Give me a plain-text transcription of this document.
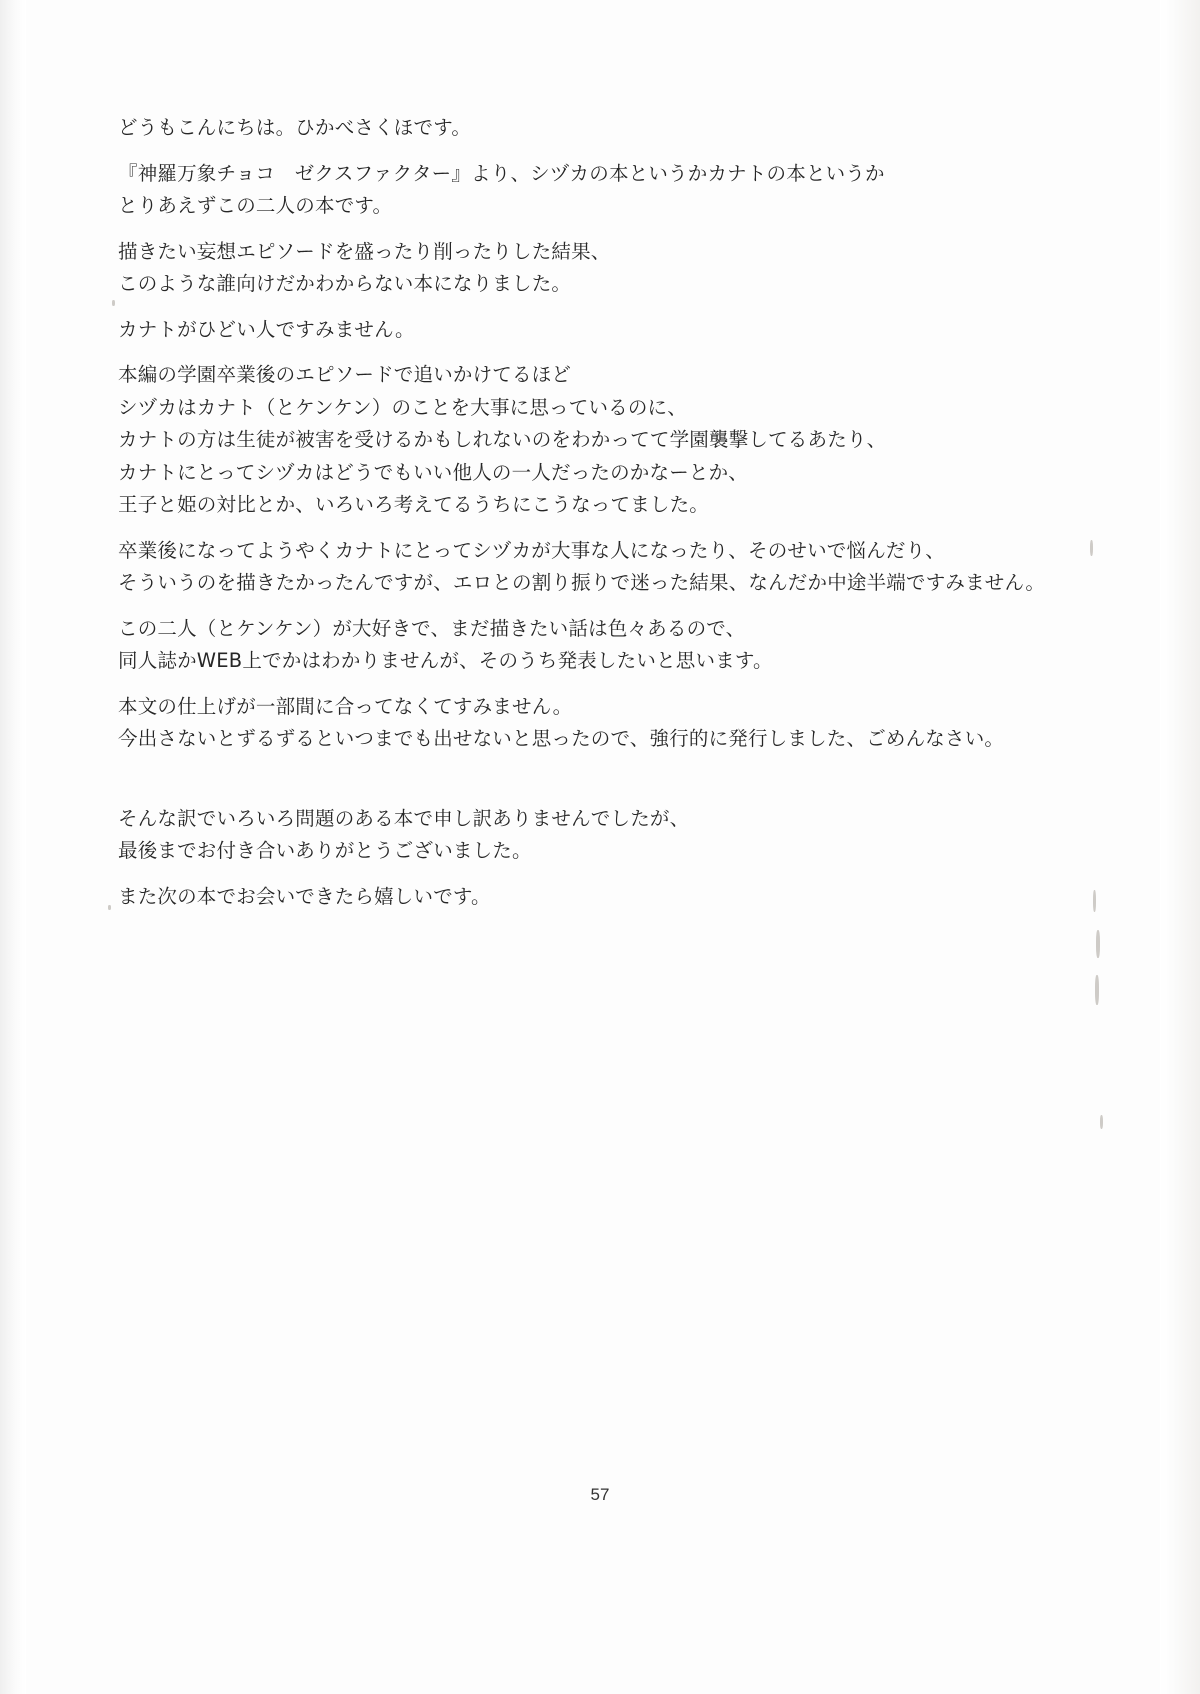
どうもこんにちは。ひかべさくほです。

『神羅万象チョコ　ゼクスファクター』より、シヅカの本というかカナトの本というか
とりあえずこの二人の本です。

描きたい妄想エピソードを盛ったり削ったりした結果、
このような誰向けだかわからない本になりました。

カナトがひどい人ですみません。

本編の学園卒業後のエピソードで追いかけてるほど
シヅカはカナト（とケンケン）のことを大事に思っているのに、
カナトの方は生徒が被害を受けるかもしれないのをわかってて学園襲撃してるあたり、
カナトにとってシヅカはどうでもいい他人の一人だったのかなーとか、
王子と姫の対比とか、いろいろ考えてるうちにこうなってました。

卒業後になってようやくカナトにとってシヅカが大事な人になったり、そのせいで悩んだり、
そういうのを描きたかったんですが、エロとの割り振りで迷った結果、なんだか中途半端ですみません。

この二人（とケンケン）が大好きで、まだ描きたい話は色々あるので、
同人誌かWEB上でかはわかりませんが、そのうち発表したいと思います。

本文の仕上げが一部間に合ってなくてすみません。
今出さないとずるずるといつまでも出せないと思ったので、強行的に発行しました、ごめんなさい。

そんな訳でいろいろ問題のある本で申し訳ありませんでしたが、
最後までお付き合いありがとうございました。

また次の本でお会いできたら嬉しいです。

57
